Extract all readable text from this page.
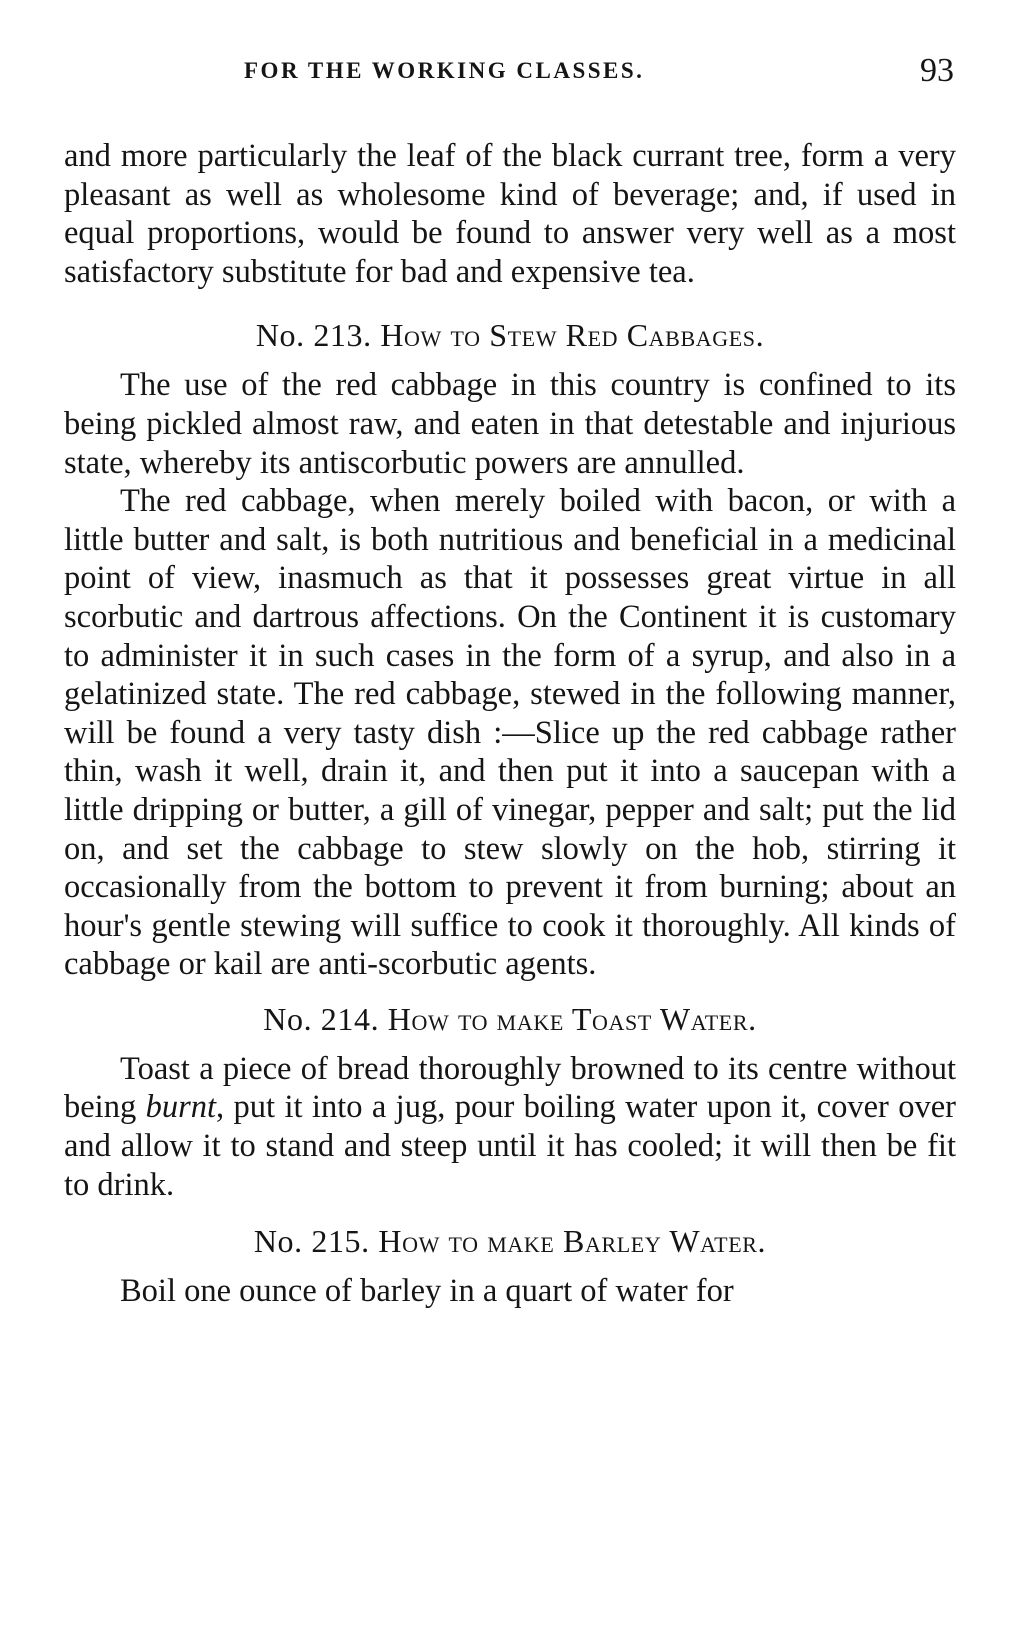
FOR THE WORKING CLASSES.	93

and more particularly the leaf of the black currant tree, form a very pleasant as well as wholesome kind of beverage; and, if used in equal proportions, would be found to answer very well as a most satisfactory substitute for bad and expensive tea.

No. 213. How to Stew Red Cabbages.

The use of the red cabbage in this country is confined to its being pickled almost raw, and eaten in that detestable and injurious state, whereby its antiscorbutic powers are annulled.

The red cabbage, when merely boiled with bacon, or with a little butter and salt, is both nutritious and beneficial in a medicinal point of view, inasmuch as that it possesses great virtue in all scorbutic and dartrous affections. On the Continent it is customary to administer it in such cases in the form of a syrup, and also in a gelatinized state. The red cabbage, stewed in the following manner, will be found a very tasty dish :—Slice up the red cabbage rather thin, wash it well, drain it, and then put it into a saucepan with a little dripping or butter, a gill of vinegar, pepper and salt; put the lid on, and set the cabbage to stew slowly on the hob, stirring it occasionally from the bottom to prevent it from burning; about an hour's gentle stewing will suffice to cook it thoroughly. All kinds of cabbage or kail are anti-scorbutic agents.

No. 214. How to make Toast Water.

Toast a piece of bread thoroughly browned to its centre without being burnt, put it into a jug, pour boiling water upon it, cover over and allow it to stand and steep until it has cooled; it will then be fit to drink.

No. 215. How to make Barley Water.

Boil one ounce of barley in a quart of water for
